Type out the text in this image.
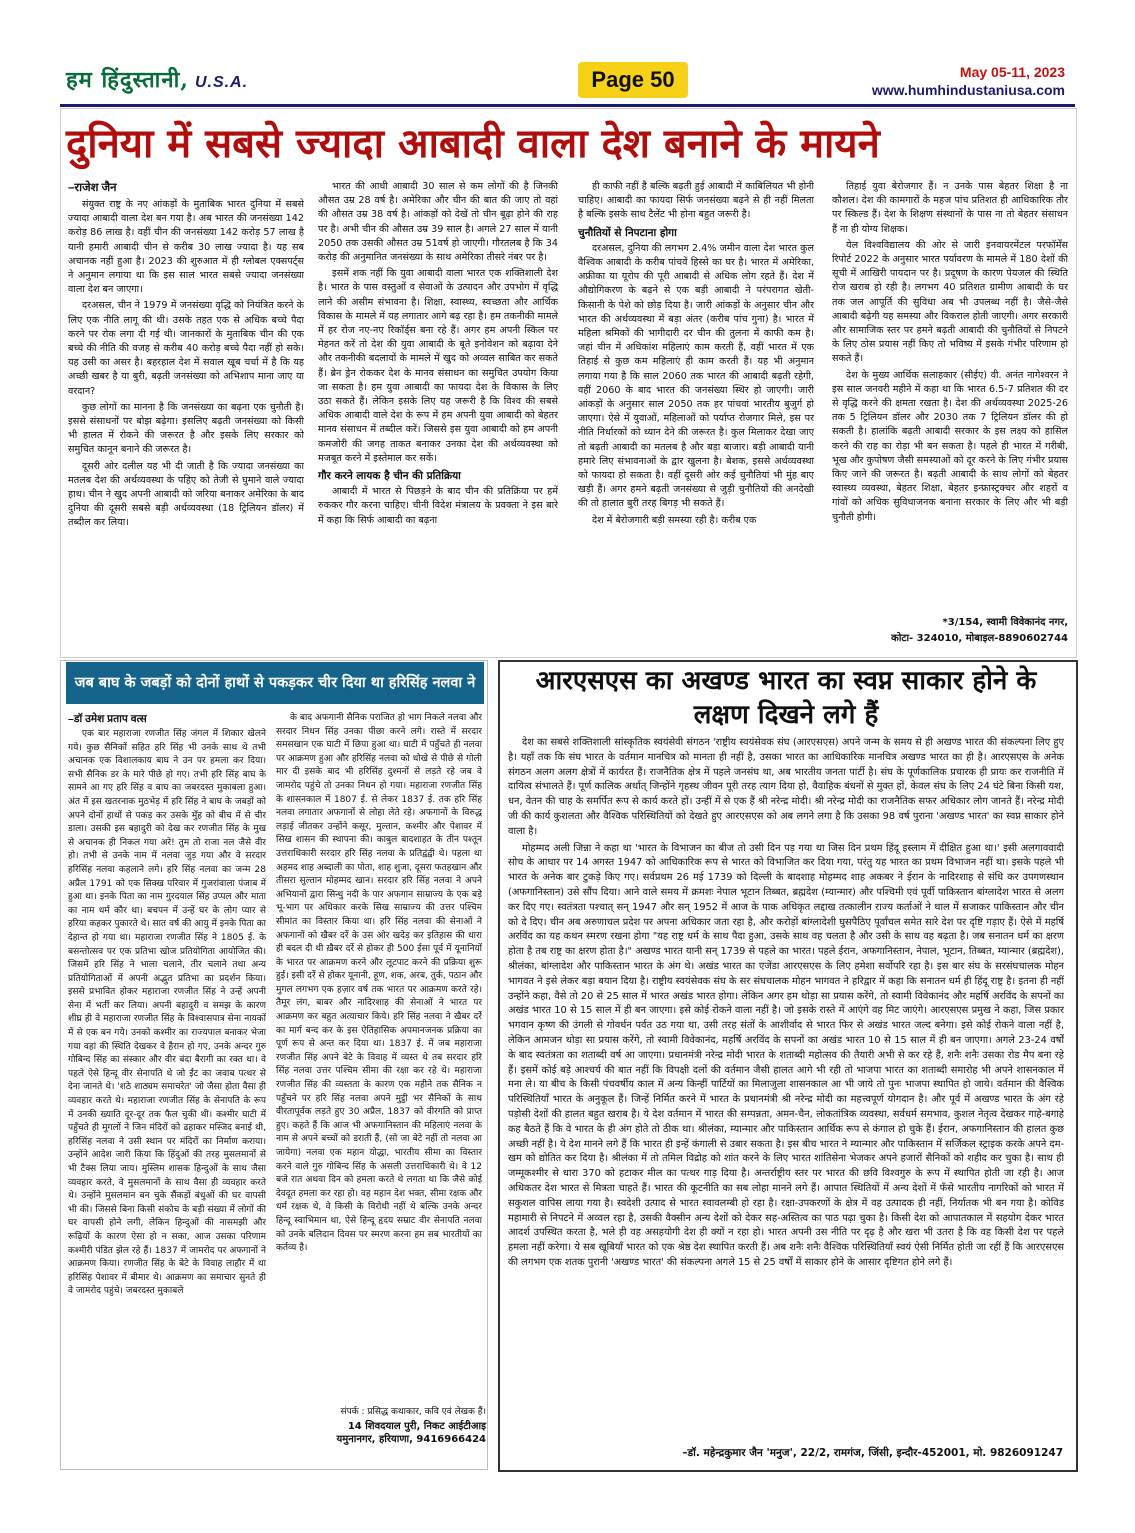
हम हिंदुस्तानी, U.S.A.	Page 50	May 05-11, 2023
www.humhindustaniusa.com
दुनिया में सबसे ज्यादा आबादी वाला देश बनाने के मायने
–राजेश जैन

संयुक्त राष्ट्र के नए आंकड़ों के मुताबिक भारत दुनिया में सबसे ज्यादा आबादी वाला देश बन गया है। अब भारत की जनसंख्या 142 करोड़ 86 लाख है। वहीं चीन की जनसंख्या 142 करोड़ 57 लाख है यानी हमारी आबादी चीन से करीब 30 लाख ज्यादा है। यह सब अचानक नहीं हुआ है। 2023 की शुरुआत में ही ग्लोबल एक्सपर्ट्स ने अनुमान लगाया था कि इस साल भारत सबसे ज्यादा जनसंख्या वाला देश बन जाएगा।

दरअसल, चीन ने 1979 में जनसंख्या वृद्धि को नियंत्रित करने के लिए एक नीति लागू की थी। उसके तहत एक से अधिक बच्चे पैदा करने पर रोक लगा दी गई थी। जानकारों के मुताबिक चीन की एक बच्चे की नीति की वजह से करीब 40 करोड़ बच्चे पैदा नहीं हो सके। यह उसी का असर है। बहरहाल देश में सवाल खूब चर्चा में है कि यह अच्छी खबर है या बुरी, बढ़ती जनसंख्या को अभिशाप माना जाए या वरदान?

कुछ लोगों का मानना है कि जनसंख्या का बढ़ना एक चुनौती है। इससे संसाधनों पर बोझ बढ़ेगा। इसलिए बढ़ती जनसंख्या को किसी भी हालत में रोकने की जरूरत है और इसके लिए सरकार को समुचित कानून बनाने की जरूरत है।

दूसरी ओर दलील यह भी दी जाती है कि ज्यादा जनसंख्या का मतलब देश की अर्थव्यवस्था के पहिए को तेजी से घुमाने वाले ज्यादा हाथ। चीन ने खुद अपनी आबादी को जरिया बनाकर अमेरिका के बाद दुनिया की दूसरी सबसे बड़ी अर्थव्यवस्था (18 ट्रिलियन डॉलर) में तब्दील कर लिया।

भारत की आधी आबादी 30 साल से कम लोगों की है जिनकी औसत उम्र 28 वर्ष है। अमेरिका और चीन की बात की जाए तो वहां की औसत उम्र 38 वर्ष है। आंकड़ों को देखें तो चीन बूढ़ा होने की राह पर है। अभी चीन की औसत उम्र 39 साल है। अगले 27 साल में यानी 2050 तक उसकी औसत उम्र 51वर्ष हो जाएगी। गौरतलब है कि 34 करोड़ की अनुमानित जनसंख्या के साथ अमेरिका तीसरे नंबर पर है।

इसमें शक नहीं कि युवा आबादी वाला भारत एक शक्तिशाली देश है। भारत के पास वस्तुओं व सेवाओं के उत्पादन और उपभोग में वृद्धि लाने की असीम संभावना है। शिक्षा, स्वास्थ्य, स्वच्छता और आर्थिक विकास के मामले में यह लगातार आगे बढ़ रहा है। हम तकनीकी मामले में हर रोज नए-नए रिकॉर्ड्स बना रहे हैं। अगर हम अपनी स्किल पर मेहनत करें तो देश की युवा आबादी के बूते इनोवेशन को बढ़ावा देने और तकनीकी बदलावों के मामले में खुद को अव्वल साबित कर सकते हैं। ब्रेन ड्रेन रोककर देश के मानव संसाधन का समुचित उपयोग किया जा सकता है। हम युवा आबादी का फायदा देश के विकास के लिए उठा सकते हैं। लेकिन इसके लिए यह जरूरी है कि विश्व की सबसे अधिक आबादी वाले देश के रूप में हम अपनी युवा आबादी को बेहतर मानव संसाधन में तब्दील करें। जिससे इस युवा आबादी को हम अपनी कमजोरी की जगह ताकत बनाकर उनका देश की अर्थव्यवस्था को मजबूत करने में इस्तेमाल कर सकें।

गौर करने लायक है चीन की प्रतिक्रिया

आबादी में भारत से पिछड़ने के बाद चीन की प्रतिक्रिया पर हमें रुककर गौर करना चाहिए। चीनी विदेश मंत्रालय के प्रवक्ता ने इस बारे में कहा कि सिर्फ आबादी का बढ़ना

ही काफी नहीं है बल्कि बढ़ती हुई आबादी में काबिलियत भी होनी चाहिए। आबादी का फायदा सिर्फ जनसंख्या बढ़ने से ही नहीं मिलता है बल्कि इसके साथ टैलेंट भी होना बहुत जरूरी है।

चुनौतियों से निपटाना होगा

दरअसल, दुनिया की लगभग 2.4% जमीन वाला देश भारत कुल वैश्विक आबादी के करीब पांचवें हिस्से का घर है। भारत में अमेरिका, अफ्रीका या यूरोप की पूरी आबादी से अधिक लोग रहते हैं। देश में औद्योगिकरण के बढ़ने से एक बड़ी आबादी ने परंपरागत खेती-किसानी के पेशे को छोड़ दिया है। जारी आंकड़ों के अनुसार चीन और भारत की अर्थव्यवस्था में बड़ा अंतर (करीब पांच गुना) है। भारत में महिला श्रमिकों की भागीदारी दर चीन की तुलना में काफी कम है। जहां चीन में अधिकांश महिलाएं काम करती हैं, वहीं भारत में एक तिहाई से कुछ कम महिलाएं ही काम करती हैं। यह भी अनुमान लगाया गया है कि साल 2060 तक भारत की आबादी बढ़ती रहेगी, वहीं 2060 के बाद भारत की जनसंख्या स्थिर हो जाएगी। जारी आंकड़ों के अनुसार साल 2050 तक हर पांचवां भारतीय बुजुर्ग हो जाएगा। ऐसे में युवाओं, महिलाओं को पर्याप्त रोजगार मिले, इस पर नीति निर्धारकों को ध्यान देने की जरूरत है। कुल मिलाकर देखा जाए तो बढ़ती आबादी का मतलब है और बड़ा बाजार। बड़ी आबादी यानी हमारे लिए संभावनाओं के द्वार खुलना है। बेशक, इससे अर्थव्यवस्था को फायदा हो सकता है। वहीं दूसरी ओर कई चुनौतियां भी मुंह बाए खड़ी हैं। अगर हमने बढ़ती जनसंख्या से जुड़ी चुनौतियों की अनदेखी की तो हालात बुरी तरह बिगड़ भी सकते हैं।

देश में बेरोजगारी बड़ी समस्या रही है। करीब एक

तिहाई युवा बेरोजगार हैं। न उनके पास बेहतर शिक्षा है ना कौशल। देश की कामगारों के महज पांच प्रतिशत ही आधिकारिक तौर पर स्किल्ड हैं। देश के शिक्षण संस्थानों के पास ना तो बेहतर संसाधन हैं ना ही योग्य शिक्षक।

येल विश्वविद्यालय की ओर से जारी इनवायरमेंटल परफॉर्मेंस रिपोर्ट 2022 के अनुसार भारत पर्यावरण के मामले में 180 देशों की सूची में आखिरी पायदान पर है। प्रदूषण के कारण पेयजल की स्थिति रोज खराब हो रही है। लगभग 40 प्रतिशत ग्रामीण आबादी के घर तक जल आपूर्ति की सुविधा अब भी उपलब्ध नहीं है। जैसे-जैसे आबादी बढ़ेगी यह समस्या और विकराल होती जाएगी। अगर सरकारी और सामाजिक स्तर पर हमने बढ़ती आबादी की चुनौतियों से निपटने के लिए ठोस प्रयास नहीं किए तो भविष्य में इसके गंभीर परिणाम हो सकते हैं।

देश के मुख्य आर्थिक सलाहकार (सीईए) वी. अनंत नागेश्वरन ने इस साल जनवरी महीने में कहा था कि भारत 6.5-7 प्रतिशत की दर से वृद्धि करने की क्षमता रखता है। देश की अर्थव्यवस्था 2025-26 तक 5 ट्रिलियन डॉलर और 2030 तक 7 ट्रिलियन डॉलर की हो सकती है। हालांकि बढ़ती आबादी सरकार के इस लक्ष्य को हासिल करने की राह का रोड़ा भी बन सकता है। पहले ही भारत में गरीबी, भूख और कुपोषण जैसी समस्याओं को दूर करने के लिए गंभीर प्रयास किए जाने की जरूरत है। बढ़ती आबादी के साथ लोगों को बेहतर स्वास्थ्य व्यवस्था, बेहतर शिक्षा, बेहतर इन्फ्रास्ट्रक्चर और शहरों व गांवों को अधिक सुविधाजनक बनाना सरकार के लिए और भी बड़ी चुनौती होगी।

*3/154, स्वामी विवेकानंद नगर,
कोटा- 324010, मोबाइल-8890602744
जब बाघ के जबड़ों को दोनों हाथों से पकड़कर चीर दिया था हरिसिंह नलवा ने
–डॉ उमेश प्रताप वत्स

एक बार महाराजा रणजीत सिंह जंगल में शिकार खेलने गये। कुछ सैनिकों सहित हरि सिंह भी उनके साथ थे तभी अचानक एक विशालकाय बाघ ने उन पर हमला कर दिया। सभी सैनिक डर के मारे पीछे हो गए। तभी हरि सिंह बाघ के सामने आ गए हरि सिंह व बाघ का जबरदस्त मुकाबला हुआ। अंत में इस खतरनाक मुठभेड़ में हरि सिंह ने बाघ के जबड़ों को अपने दोनों हाथों से पकड़ कर उसके मुँह को बीच में से चीर डाला। उसकी इस बहादुरी को देख कर रणजीत सिंह के मुख से अचानक ही निकल गया अरे! तुम तो राजा नल जैसे वीर हो। तभी से उनके नाम में नलवा जुड़ गया और वे सरदार हरिसिंह नलवा कहलाने लगे। हरि सिंह नलवा का जन्म 28 अप्रैल 1791 को एक सिक्ख परिवार में गुजरांवाला पंजाब में हुआ था। इनके पिता का नाम गुरदयाल सिंह उप्पल और माता का नाम धर्म कौर था। बचपन में उन्हें घर के लोग प्यार से हरिया कहकर पुकारते थे। सात वर्ष की आयु में इनके पिता का देहान्त हो गया था। महाराजा रणजीत सिंह ने 1805 ई. के बसन्तोत्सव पर एक प्रतिभा खोज प्रतियोगिता आयोजित की। जिसमें हरि सिंह ने भाला चलाने, तीर चलाने तथा अन्य प्रतियोगिताओं में अपनी अद्भुत प्रतिभा का प्रदर्शन किया। इससे प्रभावित होकर महाराजा रणजीत सिंह ने उन्हें अपनी सेना में भर्ती कर लिया। अपनी बहादुरी व समझ के कारण शीघ्र ही वे महाराजा रणजीत सिंह के विश्वासपात्र सेना नायकों में से एक बन गये। उनको कश्मीर का राज्यपाल बनाकर भेजा गया वहां की स्थिति देखकर वे हैरान हो गए, उनके अन्दर गुरु गोबिन्द सिंह का संस्कार और वीर बंदा बैरागी का रक्त था। वे पहले ऐसे हिन्दू वीर सेनापति थे जो ईंट का जवाब पत्थर से देना जानते थे। 'शठे शाठ्यम समाचरेत' जो जैसा होता वैसा ही व्यवहार करते थे। महाराजा रणजीत सिंह के सेनापति के रूप में उनकी ख्याति दूर-दूर तक फैल चुकी थी। कश्मीर घाटी में पहुँचते ही मुगलों ने जिन मंदिरों को ढहाकर मस्जिद बनाई थी, हरिसिंह नलवा ने उसी स्थान पर मंदिरों का निर्माण कराया। उन्होंने आदेश जारी किया कि हिंदुओं की तरह मुसलमानों से भी टैक्स लिया जाय। मुस्लिम शासक हिन्दुओं के साथ जैसा व्यवहार करते, वे मुसलमानों के साथ वैसा ही व्यवहार करते थे। उन्होंने मुसलमान बन चुके सैंकड़ों बंधुओं की घर वापसी भी की। जिससे बिना किसी संकोच के बड़ी संख्या में लोगों की घर वापसी होने लगी, लेकिन हिन्दुओं की नासमझी और रूढ़ियों के कारण ऐसा हो न सका, आज उसका परिणाम कश्मीरी पंडित झेल रहे हैं। 1837 में जामरोद पर अफगानों ने आक्रमण किया। रणजीत सिंह के बेटे के विवाह लाहौर में था हरिसिंह पेशावर में बीमार थे। आक्रमण का समाचार सुनते ही वे जामरोद पहुंचे। जबरदस्त मुकाबले

के बाद अफगानी सैनिक पराजित हो भाग निकले नलवा और सरदार निधन सिंह उनका पीछा करने लगे। रास्ते में सरदार समसखान एक घाटी में छिपा हुआ था। घाटी में पहुँचते ही नलवा पर आक्रमण हुआ और हरिसिंह नलवा को धोखे से पीछे से गोली मार दी इसके बाद भी हरिसिंह दुश्मनों से लड़ते रहे जब वे जामरोद पहुंचे तो उनका निधन हो गया। महाराजा रणजीत सिंह के शासनकाल में 1807 ई. से लेकर 1837 ई. तक हरि सिंह नलवा लगातार अफगानों से लोहा लेते रहे। अफगानों के विरुद्ध लड़ाई जीतकर उन्होंने कसूर, मुल्तान, कश्मीर और पेशावर में सिख शासन की स्थापना की। काबुल बादशाहत के तीन पश्तून उत्तराधिकारी सरदार हरि सिंह नलवा के प्रतिद्वंद्वी थे। पहला था अहमद शाह अब्दाली का पोता, शाह शुजा, दूसरा फतहखान और तीसरा सुल्तान मोहम्मद खान। सरदार हरि सिंह नलवा ने अपने अभियानों द्वारा सिन्धु नदी के पार अफगान साम्राज्य के एक बड़े भू-भाग पर अधिकार करके सिख साम्राज्य की उत्तर पश्चिम सीमांत का विस्तार किया था। हरि सिंह नलवा की सेनाओं ने अफगानों को खैबर दर्रे के उस ओर खदेड़ कर इतिहास की धारा ही बदल दी थी ख़ैबर दर्रे से होकर ही 500 ईसा पूर्व में यूनानियों के भारत पर आक्रमण करने और लूटपाट करने की प्रक्रिया शुरू हुई। इसी दर्रे से होकर यूनानी, हूण, शक, अरब, तुर्क, पठान और मुगल लगभग एक हज़ार वर्ष तक भारत पर आक्रमण करते रहे। तैमूर लंग, बाबर और नादिरशाह की सेनाओं ने भारत पर आक्रमण कर बहुत अत्याचार किये। हरि सिंह नलवा ने खैबर दर्रे का मार्ग बन्द कर के इस ऐतिहासिक अपमानजनक प्रक्रिया का पूर्ण रूप से अन्त कर दिया था। 1837 ई. में जब महाराजा रणजीत सिंह अपने बेटे के विवाह में व्यस्त थे तब सरदार हरि सिंह नलवा उत्तर पश्चिम सीमा की रक्षा कर रहे थे। महाराजा रणजीत सिंह की व्यस्तता के कारण एक महीने तक सैनिक न पहुँचने पर हरि सिंह नलवा अपने मुट्ठी भर सैनिकों के साथ वीरतापूर्वक लड़ते हुए 30 अप्रैल, 1837 को वीरगति को प्राप्त हुए। कहते हैं कि आज भी अफगानिस्तान की महिलाएं नलवा के नाम से अपने बच्चों को डराती हैं, (सो जा बेटे नहीं तो नलवा आ जायेगा) नलवा एक महान योद्धा, भारतीय सीमा का विस्तार करने वाले गुरु गोबिन्द सिंह के असली उत्तराधिकारी थे। वे 12 बजे रात अथवा दिन को हमला करते थे लगता था कि जैसे कोई देवदूत हमला कर रहा हो। वह महान देश भक्त, सीमा रक्षक और धर्म रक्षक थे, वे किसी के विरोधी नहीं थे बल्कि उनके अन्दर हिन्दू स्वाभिमान था, ऐसे हिन्दू हृदय सम्राट वीर सेनापति नलवा को उनके बलिदान दिवस पर स्मरण करना हम सब भारतीयों का कर्तव्य है।

संपर्क : प्रसिद्ध कथाकार, कवि एवं लेखक हैं।
14 शिवदयाल पुरी, निकट आईटीआइ यमुनानगर, हरियाणा, 9416966424
आरएसएस का अखण्ड भारत का स्वप्न साकार होने के लक्षण दिखने लगे हैं

देश का सबसे शक्तिशाली सांस्कृतिक स्वयंसेवी संगठन 'राष्ट्रीय स्वयंसेवक संघ (आरएसएस) अपने जन्म के समय से ही अखण्ड भारत की संकल्पना लिए हुए है। यहाँ तक कि संघ भारत के वर्तमान मानचित्र को मानता ही नहीं है, उसका भारत का आधिकारिक मानचित्र अखण्ड भारत का ही है। आरएसएस के अनेक संगठन अलग अलग क्षेत्रों में कार्यरत हैं। राजनैतिक क्षेत्र में पहले जनसंघ था, अब भारतीय जनता पार्टी है। संघ के पूर्णकालिक प्रचारक ही प्रायः कर राजनीति में दायित्व संभालते हैं। पूर्ण कालिक अर्थात् जिन्होंने गृहस्थ जीवन पूरी तरह त्याग दिया हो, वैवाहिक बंधनों से मुक्त हों, केवल संघ के लिए 24 घंटे बिना किसी यश, धन, वेतन की चाह के समर्पित रूप से कार्य करते हों। उन्हीं में से एक हैं श्री नरेन्द्र मोदी। श्री नरेन्द्र मोदी का राजनैतिक सफर अधिकार लोग जानते हैं। नरेन्द्र मोदी जी की कार्य कुशलता और वैश्विक परिस्थितियों को देखते हुए आरएसएस को अब लगने लगा है कि उसका 98 वर्ष पुराना 'अखण्ड भारत' का स्वप्न साकार होने वाला है।

मोहम्मद अली जिन्ना ने कहा था 'भारत के विभाजन का बीज तो उसी दिन पड़ गया था जिस दिन प्रथम हिंदू इस्लाम में दीक्षित हुआ था।' इसी अलगाववादी सोच के आधार पर 14 अगस्त 1947 को आधिकारिक रूप से भारत को विभाजित कर दिया गया, परंतु यह भारत का प्रथम विभाजन नहीं था। इसके पहले भी भारत के अनेक बार टुकड़े किए गए। सर्वप्रथम 26 मई 1739 को दिल्ली के बादशाह मोहम्मद शाह अकबर ने ईरान के नादिरशाह से संधि कर उपगणस्थान (अफगानिस्तान) उसे सौंप दिया। आने वाले समय में क्रमशः नेपाल भूटान तिब्बत, ब्रह्मदेश (म्यान्मार) और पश्चिमी एवं पूर्वी पाकिस्तान बांग्लादेश भारत से अलग कर दिए गए। स्वतंत्रता पश्चात् सन् 1947 और सन् 1952 में आज के पाक अधिकृत लद्दाख तत्कालीन राज्य कर्ताओं ने थाल में सजाकर पाकिस्तान और चीन को दे दिए। चीन अब अरुणाचल प्रदेश पर अपना अधिकार जता रहा है, और करोड़ों बांग्लादेशी घुसपैठिए पूर्वांचल समेत सारे देश पर दृष्टि गड़ाए हैं। ऐसे में महर्षि अरविंद का यह कथन स्मरण रखना होगा "यह राष्ट्र धर्म के साथ पैदा हुआ, उसके साथ वह चलता है और उसी के साथ वह बढ़ता है। जब सनातन धर्म का क्षरण होता है तब राष्ट्र का क्षरण होता है।" अखण्ड भारत यानी सन् 1739 से पहले का भारत। पहले ईरान, अफगानिस्तान, नेपाल, भूटान, तिब्बत, म्यान्मार (ब्रह्मदेश), श्रीलंका, बांग्लादेश और पाकिस्तान भारत के अंग थे। अखंड भारत का एजेंडा आरएसएस के लिए हमेशा सर्वोपरि रहा है। इस बार संघ के सरसंघचालक मोहन भागवत ने इसे लेकर बड़ा बयान दिया है। राष्ट्रीय स्वयंसेवक संघ के सर संघचालक मोहन भागवत ने हरिद्वार में कहा कि सनातन धर्म ही हिंदू राष्ट्र है। इतना ही नहीं उन्होंने कहा, वैसे तो 20 से 25 साल में भारत अखंड भारत होगा। लेकिन अगर हम थोड़ा सा प्रयास करेंगे, तो स्वामी विवेकानंद और महर्षि अरविंद के सपनों का अखंड भारत 10 से 15 साल में ही बन जाएगा। इसे कोई रोकने वाला नहीं है। जो इसके रास्ते में आएंगे वह मिट जाएंगे। आरएसएस प्रमुख ने कहा, जिस प्रकार भगवान कृष्ण की उंगली से गोवर्धन पर्वत उठ गया था, उसी तरह संतों के आशीर्वाद से भारत फिर से अखंड भारत जल्द बनेगा। इसे कोई रोकने वाला नहीं है, लेकिन आमजन थोड़ा सा प्रयास करेंगे, तो स्वामी विवेकानंद, महर्षि अरविंद के सपनों का अखंड भारत 10 से 15 साल में ही बन जाएगा। अगले 23-24 वर्षों के बाद स्वतंत्रता का शताब्दी वर्ष आ जाएगा। प्रधानमंत्री नरेन्द्र मोदी भारत के शताब्दी महोत्सव की तैयारी अभी से कर रहे हैं, शनैः शनैः उसका रोड मैप बना रहे हैं। इसमें कोई बड़े आश्चर्य की बात नहीं कि विपक्षी दलों की वर्तमान जैसी हालत आगे भी रही तो भाजपा भारत का शताब्दी समारोह भी अपने शासनकाल में मना ले। या बीच के किसी पंचवर्षीय काल में अन्य किन्हीं पार्टियों का मिलाजुला शासनकाल आ भी जाये तो पुनः भाजपा स्थापित हो जाये। वर्तमान की वैश्विक परिस्थितियाँ भारत के अनुकूल हैं। जिन्हें निर्मित करने में भारत के प्रधानमंत्री श्री नरेन्द्र मोदी का महत्त्वपूर्ण योगदान है। और पूर्व में अखण्ड भारत के अंग रहे पड़ोसी देशों की हालत बहुत खराब है। ये देश वर्तमान में भारत की सम्पन्नता, अमन-चैन, लोकतांत्रिक व्यवस्था, सर्वधर्म समभाव, कुशल नेतृत्व देखकर गाहे-बगाहे कह बैठते हैं कि वे भारत के ही अंग होते तो ठीक था। श्रीलंका, म्यान्मार और पाकिस्तान आर्थिक रूप से कंगाल हो चुके हैं। ईरान, अफगानिस्तान की हालत कुछ अच्छी नहीं है। ये देश मानने लगे हैं कि भारत ही इन्हें कंगाली से उबार सकता है। इस बीच भारत ने म्यान्मार और पाकिस्तान में सर्जिकल स्ट्राइक करके अपने दम-खम को द्योतित कर दिया है। श्रीलंका में तो तमिल विद्रोह को शांत करने के लिए भारत शांतिसेना भेजकर अपने हजारों सैनिकों को शहीद कर चुका है। साथ ही जम्मूकश्मीर से धारा 370 को हटाकर मील का पत्थर गाड़ दिया है। अन्तर्राष्ट्रीय स्तर पर भारत की छवि विश्वगुरु के रूप में स्थापित होती जा रही है। आज अधिकतर देश भारत से मित्रता चाहते हैं। भारत की कूटनीति का सब लोहा मानने लगे हैं। आपात स्थितियों में अन्य देशों में फँसे भारतीय नागरिकों को भारत में सकुशल वापिस लाया गया है। स्वदेशी उत्पाद से भारत स्वावलम्बी हो रहा है। रक्षा-उपकरणों के क्षेत्र में वह उत्पादक ही नहीं, निर्यातक भी बन गया है। कोविड महामारी से निपटने में अव्वल रहा है, उसकी वैक्सीन अन्य देशों को देकर सह-अस्तित्व का पाठ पढ़ा चुका है। किसी देश को आपातकाल में सहयोग देकर भारत आदर्श उपस्थित करता है, भले ही वह असहयोगी देश ही क्यों न रहा हो। भारत अपनी उस नीति पर दृढ़ है और खरा भी उतरा है कि वह किसी देश पर पहले हमला नहीं करेगा। ये सब खूबियाँ भारत को एक श्रेष्ठ देश स्थापित करती हैं। अब शनैः शनैः वैश्विक परिस्थितियाँ स्वयं ऐसी निर्मित होती जा रहीं हैं कि आरएसएस की लगभग एक शतक पुरानी 'अखण्ड भारत' की संकल्पना अगले 15 से 25 वर्षों में साकार होने के आसार दृष्टिगत होने लगे हैं।

–डॉ. महेन्द्रकुमार जैन 'मनुज', 22/2, रामगंज, जिंसी, इन्दौर-452001, मो. 9826091247
